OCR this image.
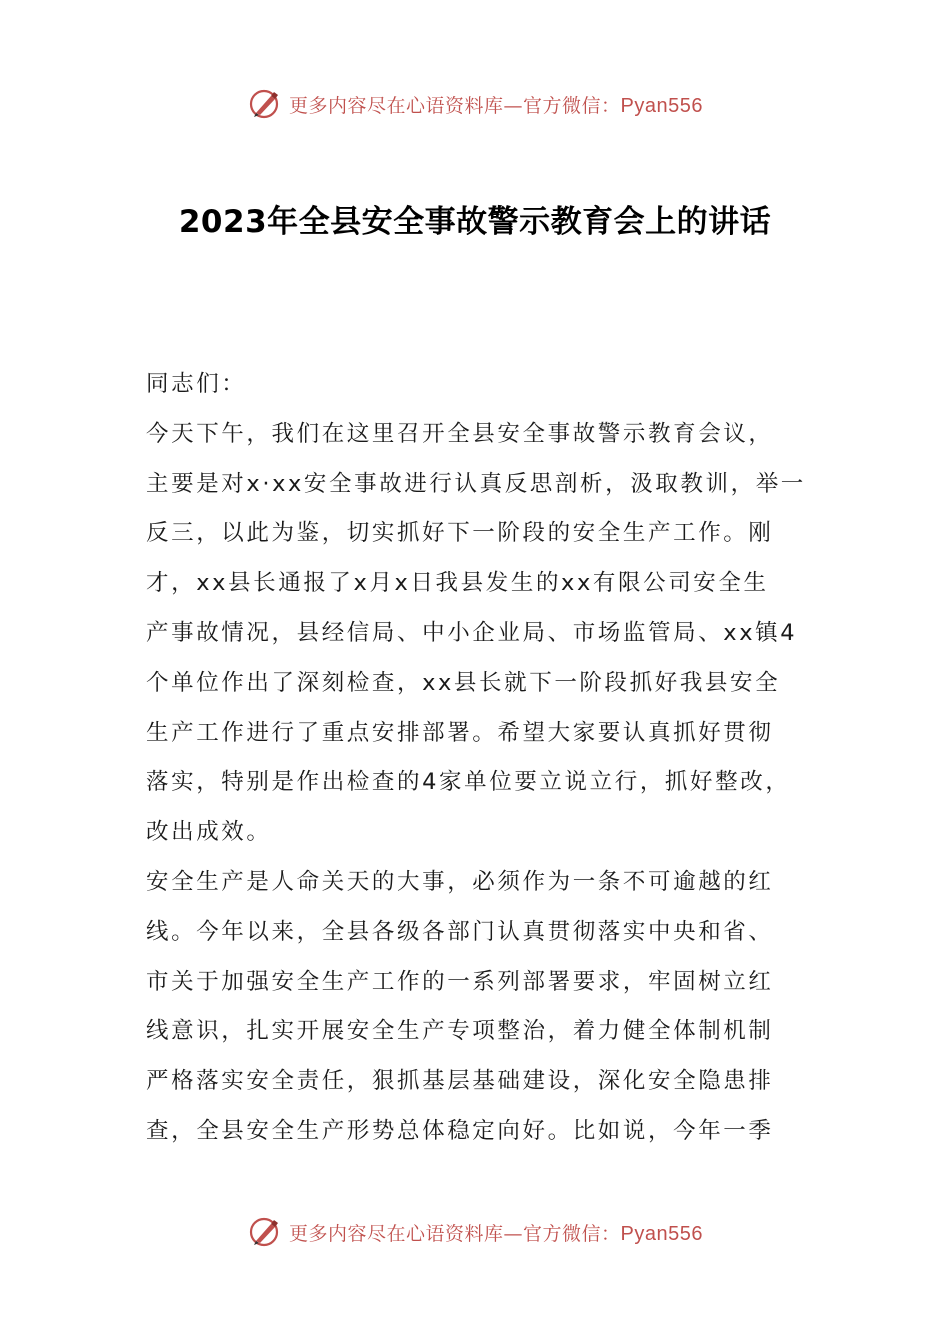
更多内容尽在心语资料库—官方微信：Pyan556
2023年全县安全事故警示教育会上的讲话
同志们：
今天下午，我们在这里召开全县安全事故警示教育会议，
主要是对x·xx安全事故进行认真反思剖析，汲取教训，举一
反三，以此为鉴，切实抓好下一阶段的安全生产工作。刚
才，xx县长通报了x月x日我县发生的xx有限公司安全生
产事故情况，县经信局、中小企业局、市场监管局、xx镇4
个单位作出了深刻检查，xx县长就下一阶段抓好我县安全
生产工作进行了重点安排部署。希望大家要认真抓好贯彻
落实，特别是作出检查的4家单位要立说立行，抓好整改，
改出成效。
安全生产是人命关天的大事，必须作为一条不可逾越的红
线。今年以来，全县各级各部门认真贯彻落实中央和省、
市关于加强安全生产工作的一系列部署要求，牢固树立红
线意识，扎实开展安全生产专项整治，着力健全体制机制
严格落实安全责任，狠抓基层基础建设，深化安全隐患排
查，全县安全生产形势总体稳定向好。比如说，今年一季
更多内容尽在心语资料库—官方微信：Pyan556
